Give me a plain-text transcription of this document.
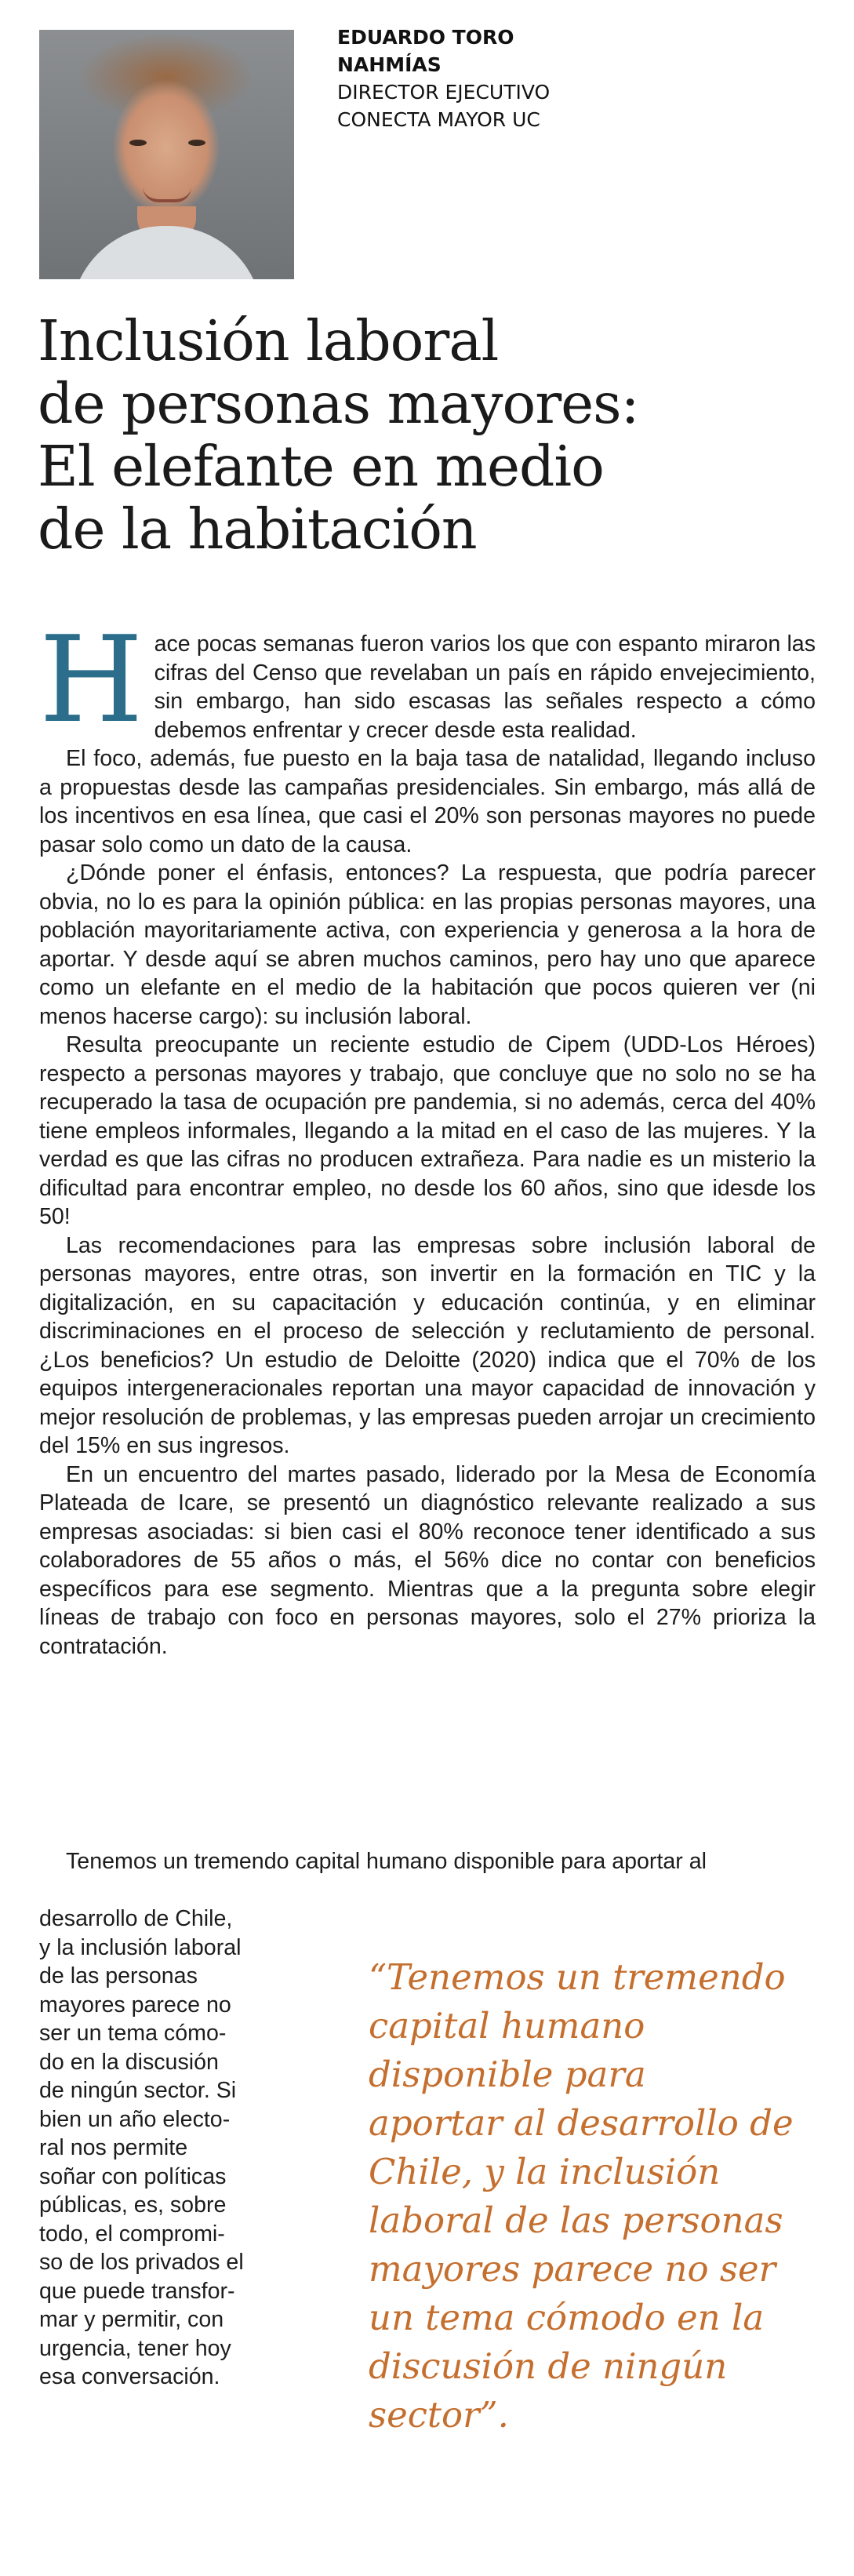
EDUARDO TORO
NAHMÍAS
DIRECTOR EJECUTIVO
CONECTA MAYOR UC
Inclusión laboral
de personas mayores:
El elefante en medio
de la habitación

Hace pocas semanas fueron varios los que con espanto miraron las cifras del Censo que revelaban un país en rápido envejecimiento, sin embargo, han sido escasas las señales respecto a cómo debemos enfrentar y crecer desde esta realidad.

El foco, además, fue puesto en la baja tasa de natalidad, llegando incluso a propuestas desde las campañas presidenciales. Sin embargo, más allá de los incentivos en esa línea, que casi el 20% son personas mayores no puede pasar solo como un dato de la causa.

¿Dónde poner el énfasis, entonces? La respuesta, que podría parecer obvia, no lo es para la opinión pública: en las propias personas mayores, una población mayoritariamente activa, con experiencia y generosa a la hora de aportar. Y desde aquí se abren muchos caminos, pero hay uno que aparece como un elefante en el medio de la habitación que pocos quieren ver (ni menos hacerse cargo): su inclusión laboral.

Resulta preocupante un reciente estudio de Cipem (UDD-Los Héroes) respecto a personas mayores y trabajo, que concluye que no solo no se ha recuperado la tasa de ocupación pre pandemia, si no además, cerca del 40% tiene empleos informales, llegando a la mitad en el caso de las mujeres. Y la verdad es que las cifras no producen extrañeza. Para nadie es un misterio la dificultad para encontrar empleo, no desde los 60 años, sino que idesde los 50!

Las recomendaciones para las empresas sobre inclusión laboral de personas mayores, entre otras, son invertir en la formación en TIC y la digitalización, en su capacitación y educación continúa, y en eliminar discriminaciones en el proceso de selección y reclutamiento de personal. ¿Los beneficios? Un estudio de Deloitte (2020) indica que el 70% de los equipos intergeneracionales reportan una mayor capacidad de innovación y mejor resolución de problemas, y las empresas pueden arrojar un crecimiento del 15% en sus ingresos.

En un encuentro del martes pasado, liderado por la Mesa de Economía Plateada de Icare, se presentó un diagnóstico relevante realizado a sus empresas asociadas: si bien casi el 80% reconoce tener identificado a sus colaboradores de 55 años o más, el 56% dice no contar con beneficios específicos para ese segmento. Mientras que a la pregunta sobre elegir líneas de trabajo con foco en personas mayores, solo el 27% prioriza la contratación.

Tenemos un tremendo capital humano disponible para aportar al

desarrollo de Chile,
y la inclusión laboral
de las personas
mayores parece no
ser un tema cómo-
do en la discusión
de ningún sector. Si
bien un año electo-
ral nos permite
soñar con políticas
públicas, es, sobre
todo, el compromi-
so de los privados el
que puede transfor-
mar y permitir, con
urgencia, tener hoy
esa conversación.
“Tenemos un tremendo
capital humano
disponible para
aportar al desarrollo de
Chile, y la inclusión
laboral de las personas
mayores parece no ser
un tema cómodo en la
discusión de ningún
sector”.
